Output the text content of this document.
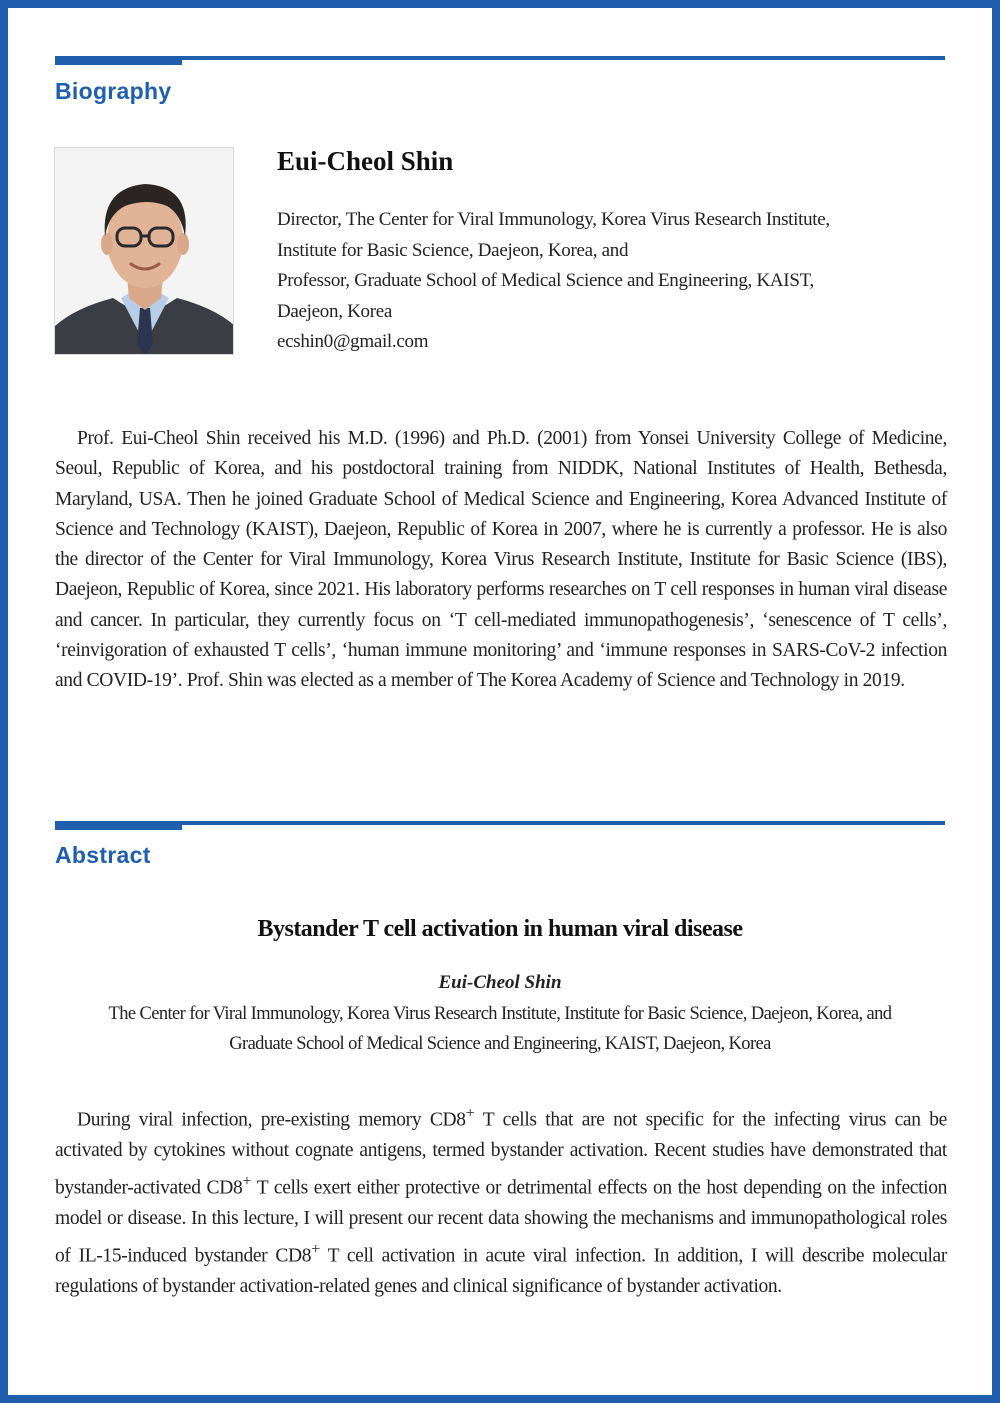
Biography
Eui-Cheol Shin
Director, The Center for Viral Immunology, Korea Virus Research Institute,
Institute for Basic Science, Daejeon, Korea, and
Professor, Graduate School of Medical Science and Engineering, KAIST,
Daejeon, Korea
ecshin0@gmail.com

Prof. Eui-Cheol Shin received his M.D. (1996) and Ph.D. (2001) from Yonsei University College of Medicine, Seoul, Republic of Korea, and his postdoctoral training from NIDDK, National Institutes of Health, Bethesda, Maryland, USA. Then he joined Graduate School of Medical Science and Engineering, Korea Advanced Institute of Science and Technology (KAIST), Daejeon, Republic of Korea in 2007, where he is currently a professor. He is also the director of the Center for Viral Immunology, Korea Virus Research Institute, Institute for Basic Science (IBS), Daejeon, Republic of Korea, since 2021. His laboratory performs researches on T cell responses in human viral disease and cancer. In particular, they currently focus on ‘T cell-mediated immunopathogenesis’, ‘senescence of T cells’, ‘reinvigoration of exhausted T cells’, ‘human immune monitoring’ and ‘immune responses in SARS-CoV-2 infection and COVID-19’. Prof. Shin was elected as a member of The Korea Academy of Science and Technology in 2019.

Abstract
Bystander T cell activation in human viral disease
Eui-Cheol Shin
The Center for Viral Immunology, Korea Virus Research Institute, Institute for Basic Science, Daejeon, Korea, and
Graduate School of Medical Science and Engineering, KAIST, Daejeon, Korea

During viral infection, pre-existing memory CD8+ T cells that are not specific for the infecting virus can be activated by cytokines without cognate antigens, termed bystander activation. Recent studies have demonstrated that bystander-activated CD8+ T cells exert either protective or detrimental effects on the host depending on the infection model or disease. In this lecture, I will present our recent data showing the mechanisms and immunopathological roles of IL-15-induced bystander CD8+ T cell activation in acute viral infection. In addition, I will describe molecular regulations of bystander activation-related genes and clinical significance of bystander activation.
